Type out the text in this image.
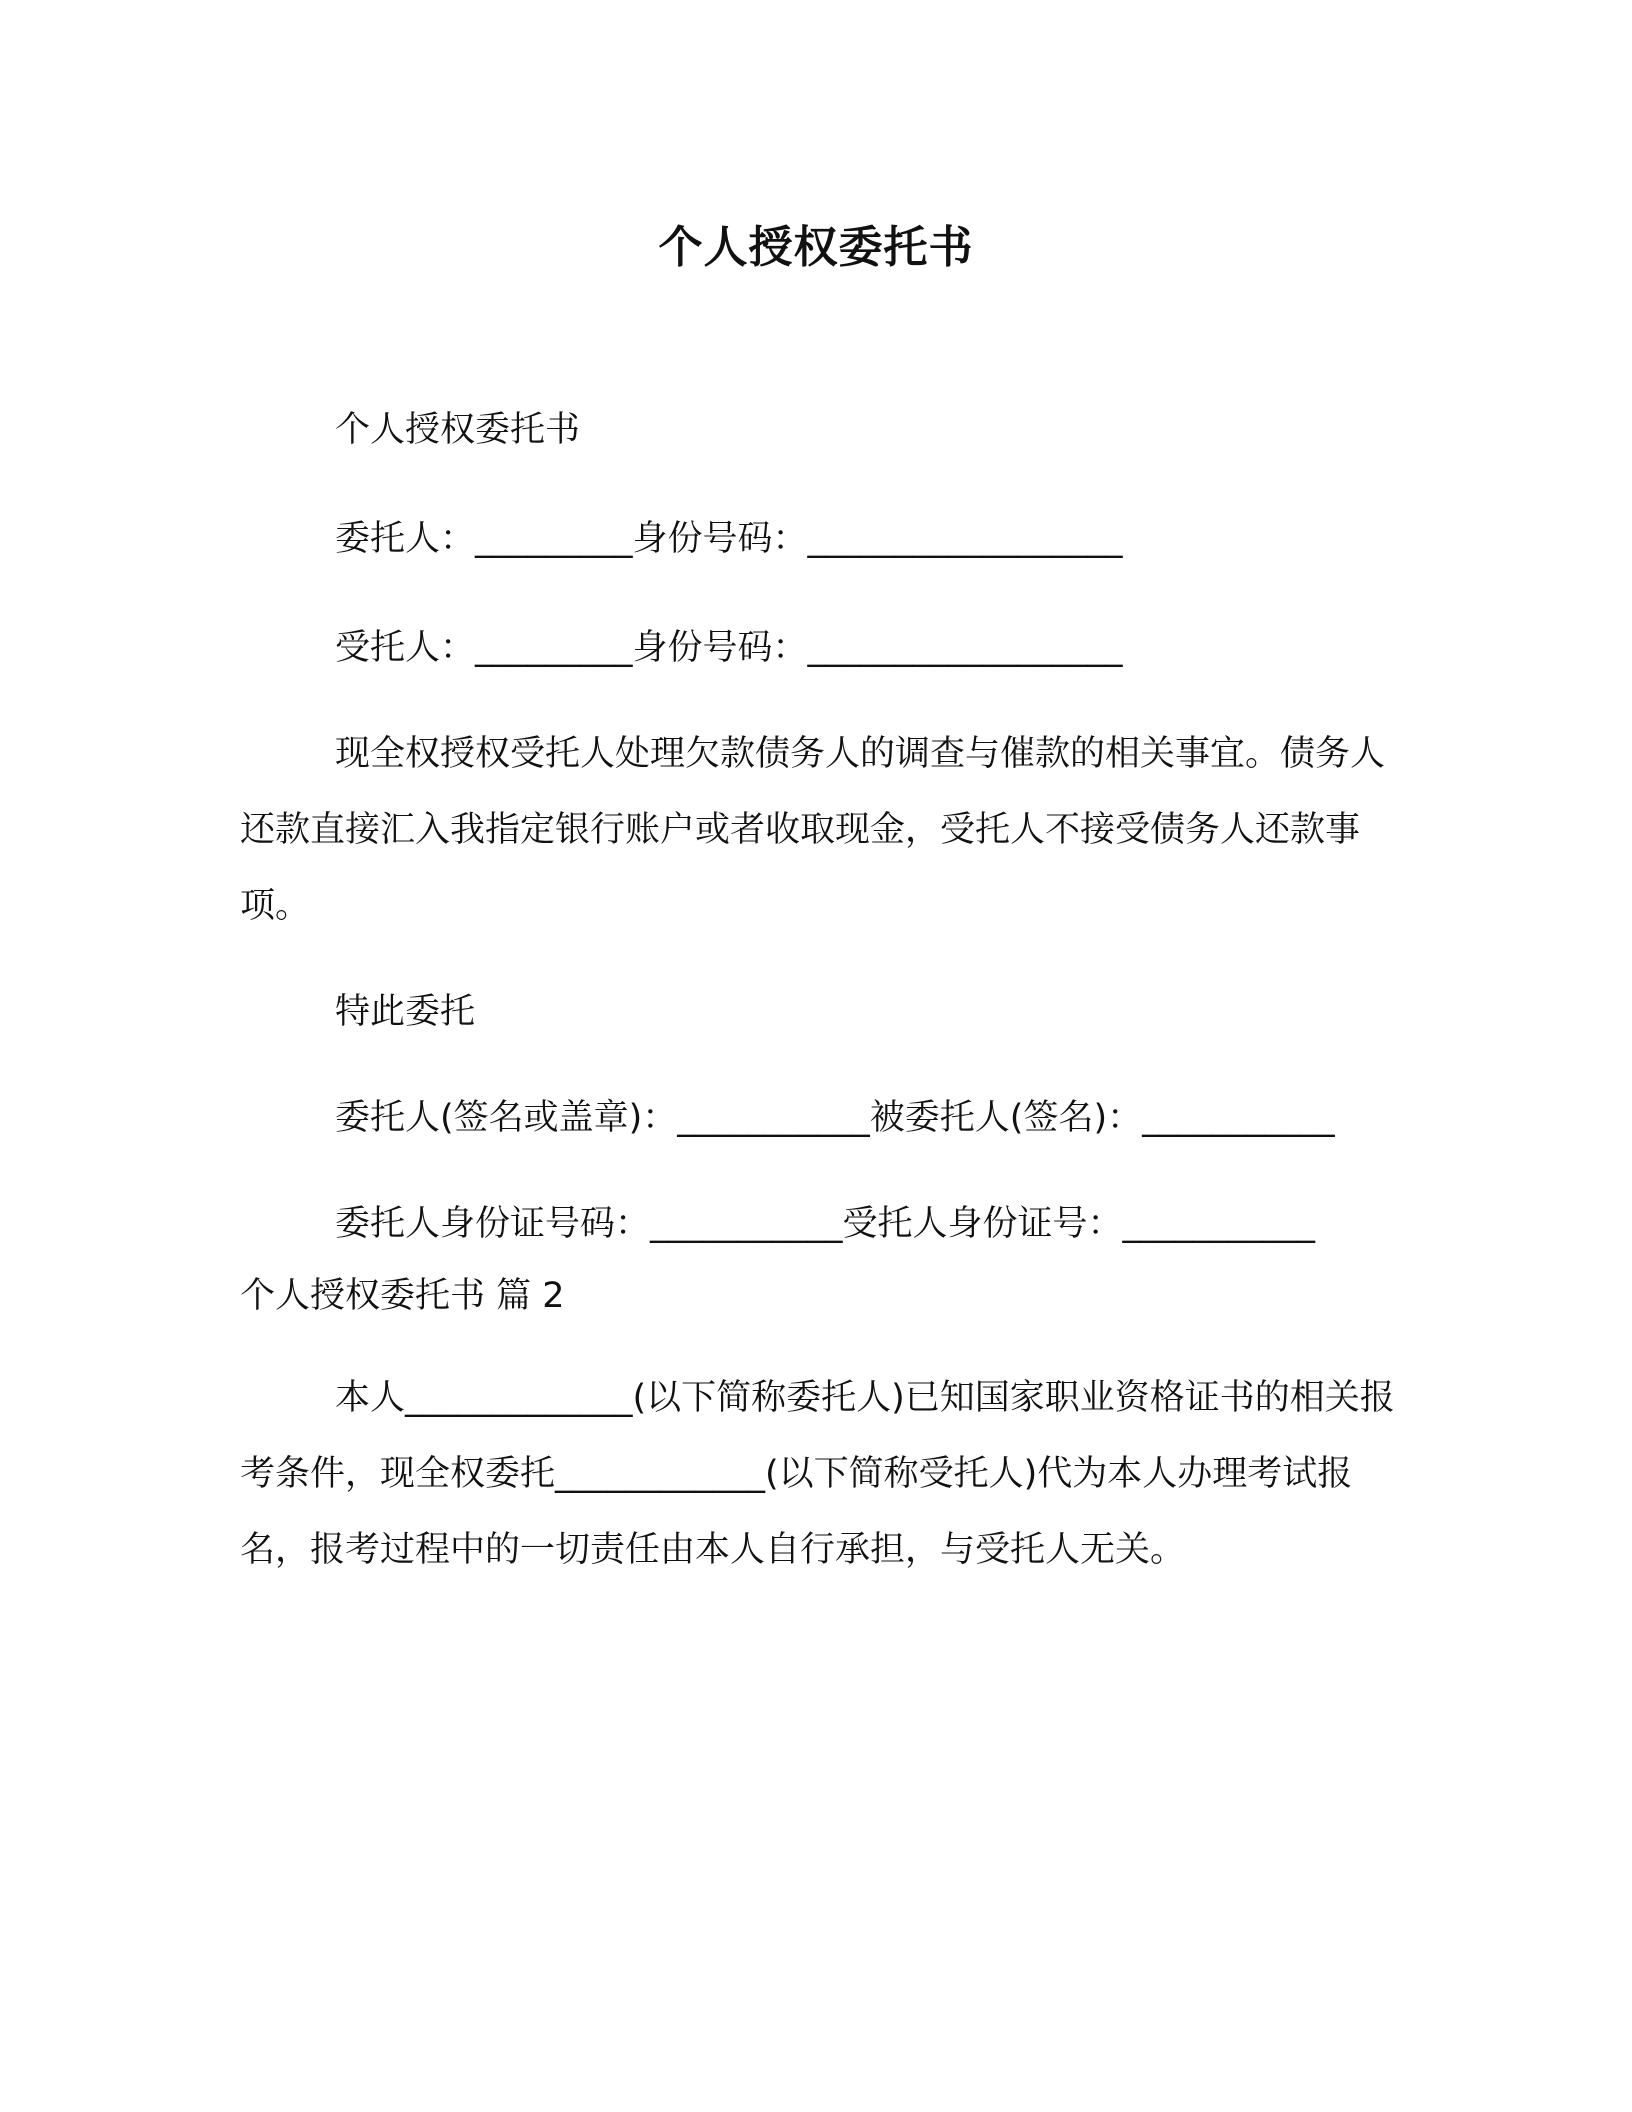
个人授权委托书

个人授权委托书

委托人：_________身份号码：__________________

受托人：_________身份号码：__________________

现全权授权受托人处理欠款债务人的调查与催款的相关事宜。债务人还款直接汇入我指定银行账户或者收取现金，受托人不接受债务人还款事项。

特此委托

委托人(签名或盖章)：___________被委托人(签名)：___________

委托人身份证号码：___________受托人身份证号：___________

个人授权委托书 篇 2

本人_____________(以下简称委托人)已知国家职业资格证书的相关报考条件，现全权委托____________(以下简称受托人)代为本人办理考试报名，报考过程中的一切责任由本人自行承担，与受托人无关。
